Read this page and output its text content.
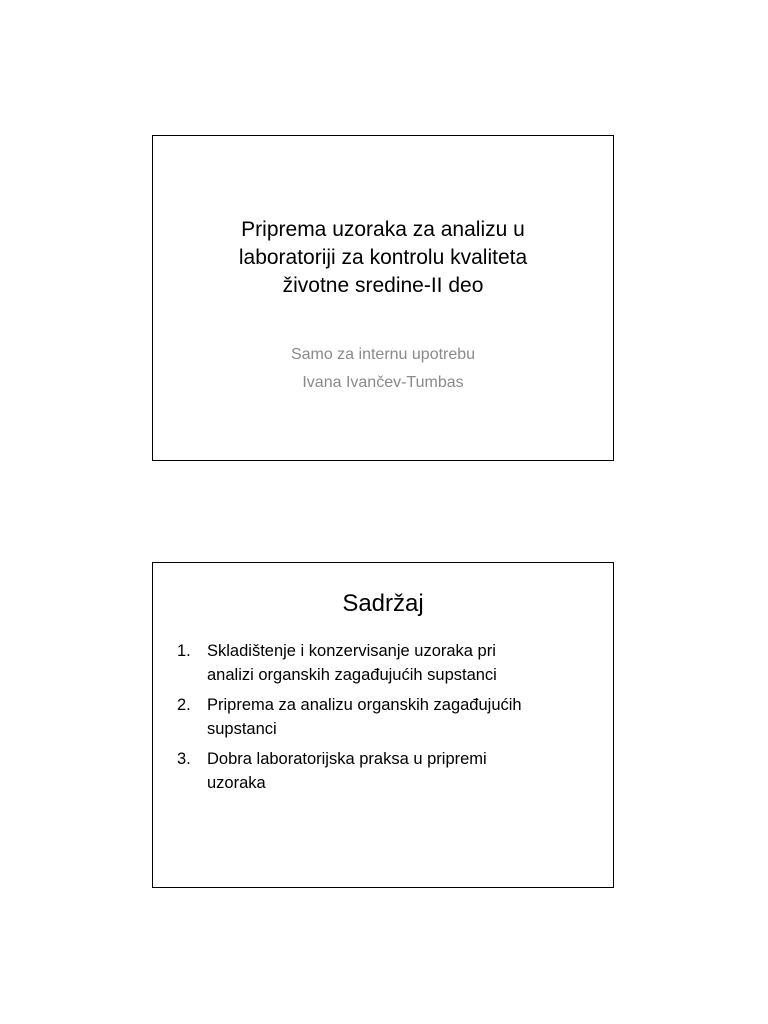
Priprema uzoraka za analizu u
laboratoriji za kontrolu kvaliteta
životne sredine-II deo
Samo za internu upotrebu
Ivana Ivančev-Tumbas
Sadržaj
1. Skladištenje i konzervisanje uzoraka pri
analizi organskih zagađujućih supstanci
2. Priprema za analizu organskih zagađujućih
supstanci
3. Dobra laboratorijska praksa u pripremi
uzoraka
